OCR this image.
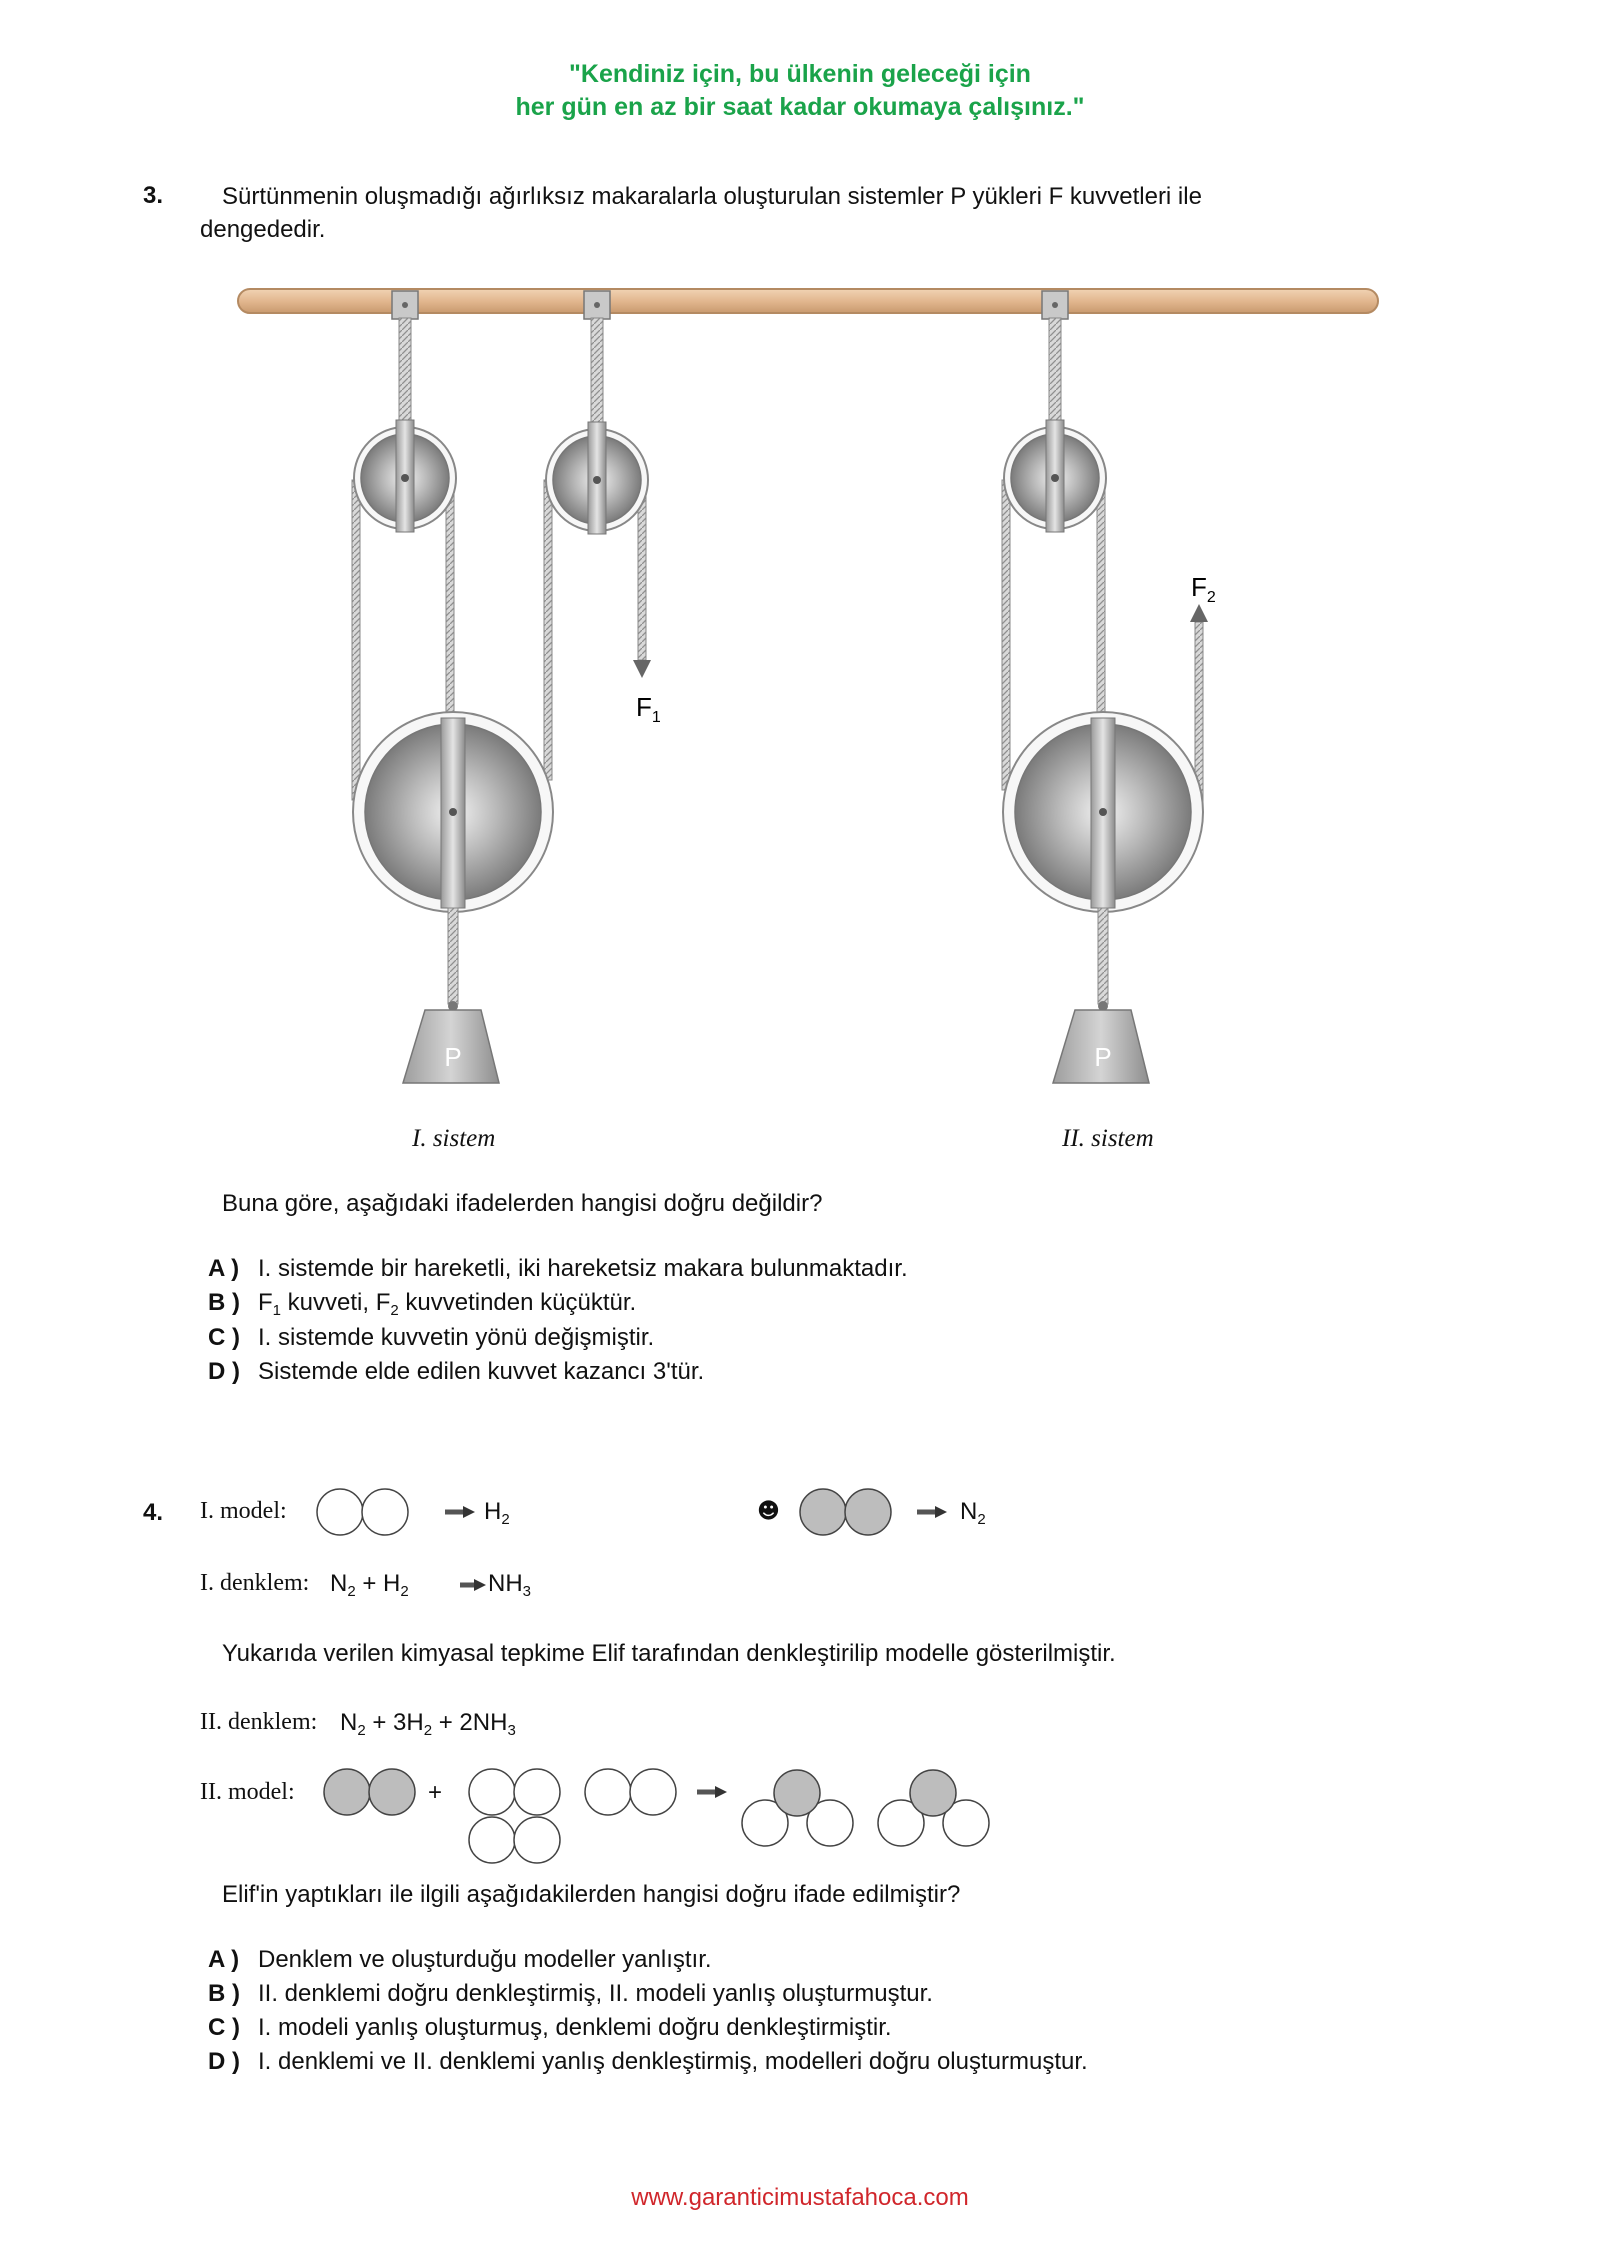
"Kendiniz için, bu ülkenin geleceği için
her gün en az bir saat kadar okumaya çalışınız."
3. Sürtünmenin oluşmadığı ağırlıksız makaralarla oluşturulan sistemler P yükleri F kuvvetleri ile
dengededir.
P
$F_1$
P
$F_2$
I. sistem	II. sistem
Buna göre, aşağıdaki ifadelerden hangisi doğru değildir?
A ) I. sistemde bir hareketli, iki hareketsiz makara bulunmaktadır.
B ) $F_1$ kuvveti, $F_2$ kuvvetinden küçüktür.
C ) I. sistemde kuvvetin yönü değişmiştir.
D ) Sistemde elde edilen kuvvet kazancı 3'tür.
4. I. model:	$H_2$	☻	$N_2$
I. denklem: $N_2 + H_2$	$NH_3$
Yukarıda verilen kimyasal tepkime Elif tarafından denkleştirilip modelle gösterilmiştir.
II. denklem: $N_2 + 3H_2 + 2NH_3$
II. model:	+
Elif'in yaptıkları ile ilgili aşağıdakilerden hangisi doğru ifade edilmiştir?
A ) Denklem ve oluşturduğu modeller yanlıştır.
B ) II. denklemi doğru denkleştirmiş, II. modeli yanlış oluşturmuştur.
C ) I. modeli yanlış oluşturmuş, denklemi doğru denkleştirmiştir.
D ) I. denklemi ve II. denklemi yanlış denkleştirmiş, modelleri doğru oluşturmuştur.
www.garanticimustafahoca.com
